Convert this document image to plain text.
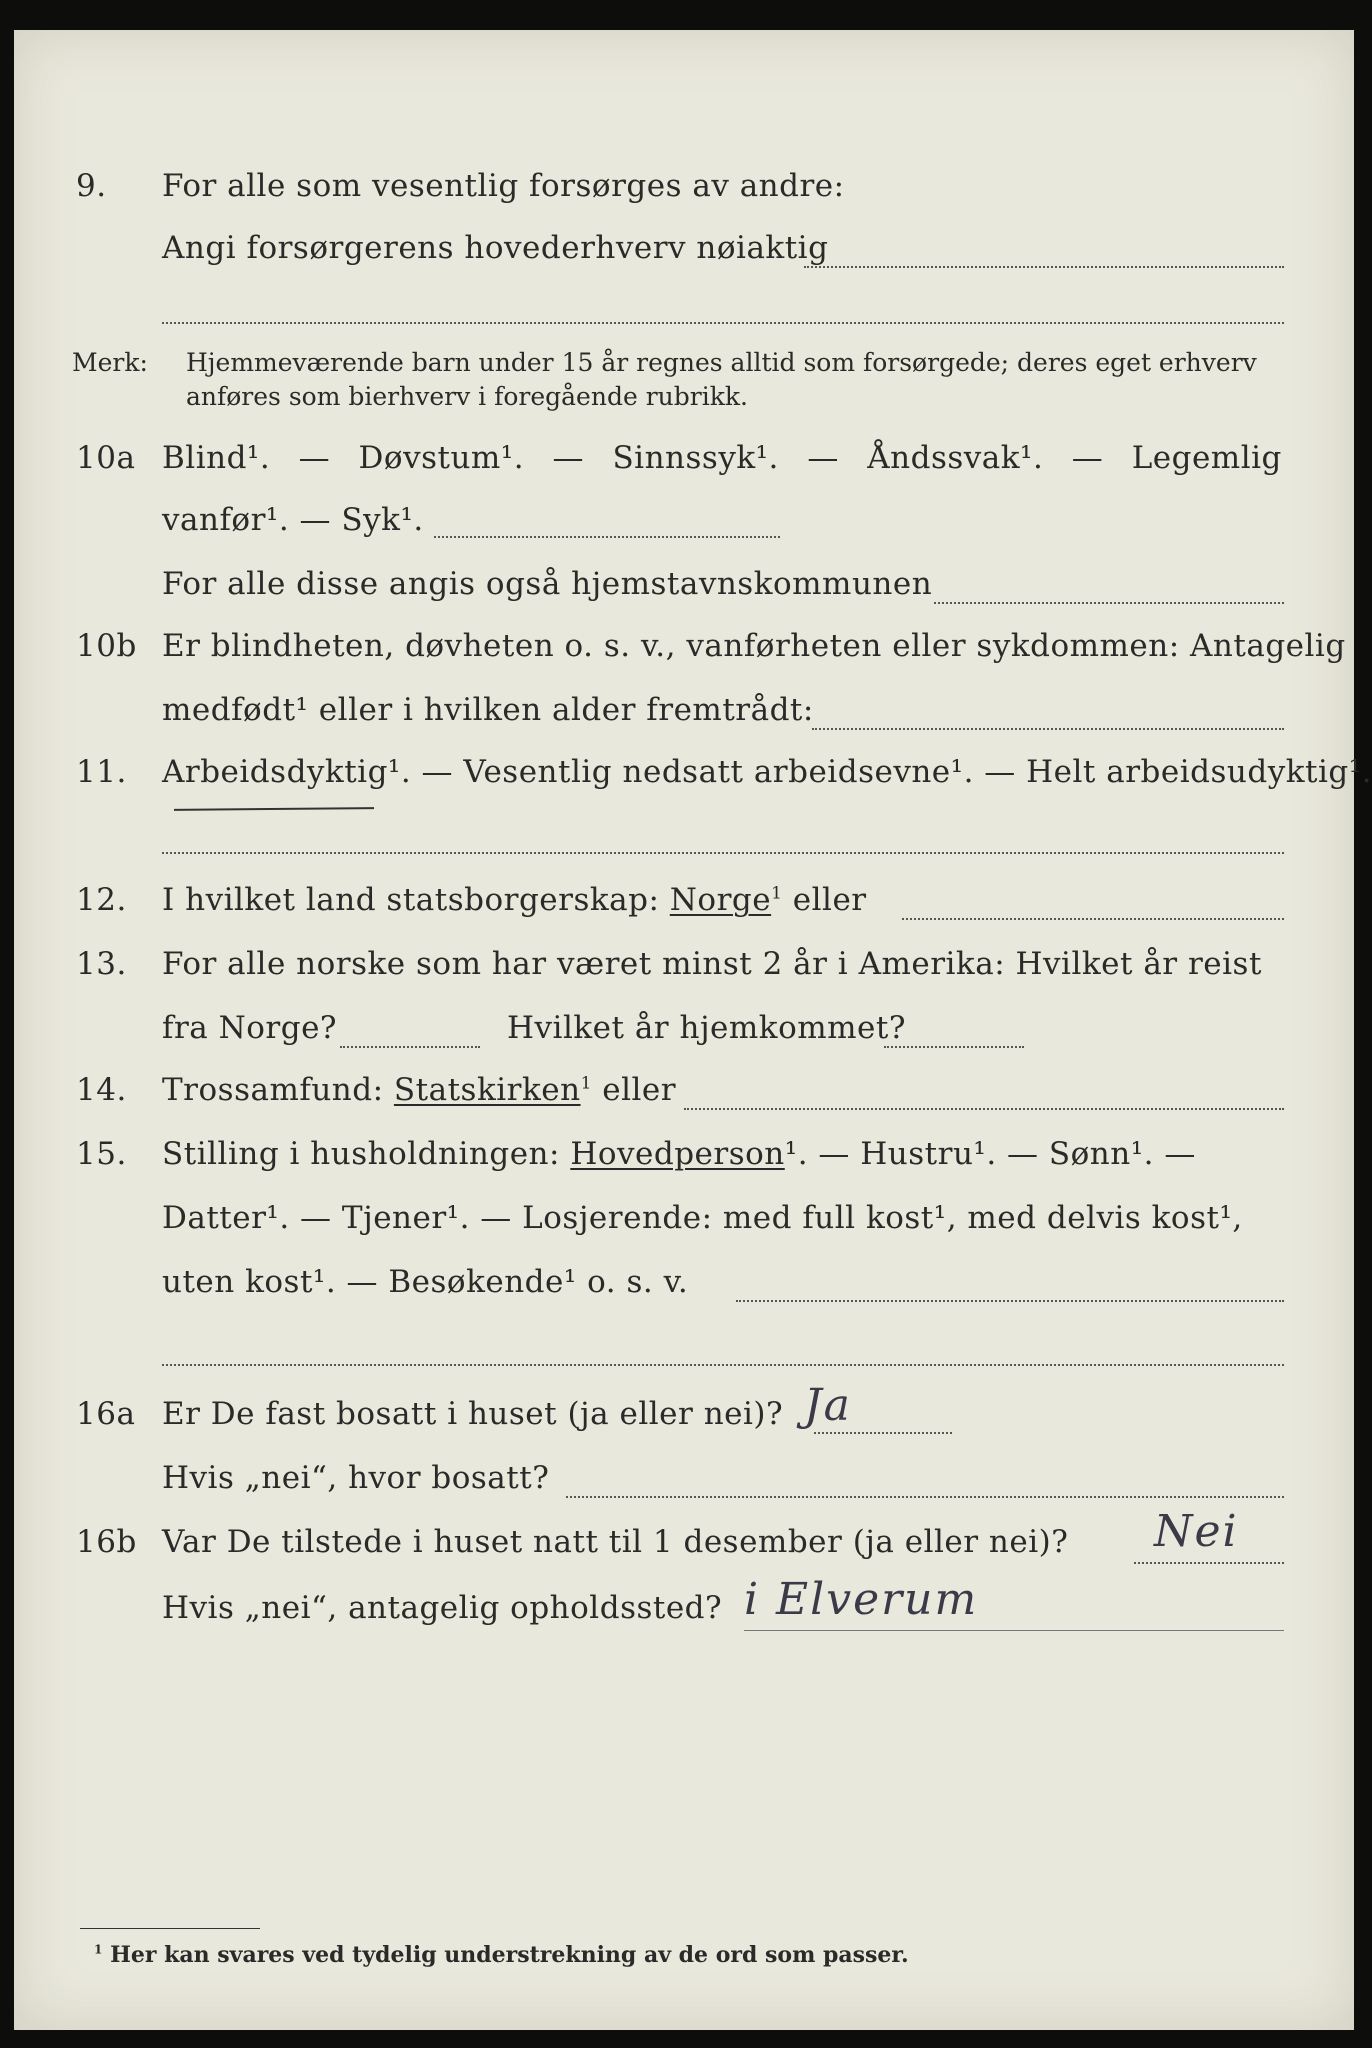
9. For alle som vesentlig forsørges av andre:
Angi forsørgerens hovederhverv nøiaktig
Merk: Hjemmeværende barn under 15 år regnes alltid som forsørgede; deres eget erhverv
anføres som bierhverv i foregående rubrikk.
10a Blind¹. — Døvstum¹. — Sinnssyk¹. — Åndssvak¹. — Legemlig
vanfør¹. — Syk¹.
For alle disse angis også hjemstavnskommunen
10b Er blindheten, døvheten o. s. v., vanførheten eller sykdommen: Antagelig
medfødt¹ eller i hvilken alder fremtrådt:
11. Arbeidsdyktig¹. — Vesentlig nedsatt arbeidsevne¹. — Helt arbeidsudyktig¹.
12. I hvilket land statsborgerskap: Norge$^1$ eller
13. For alle norske som har været minst 2 år i Amerika: Hvilket år reist
fra Norge?	Hvilket år hjemkommet?
14. Trossamfund: Statskirken$^1$ eller
15. Stilling i husholdningen: Hovedperson¹. — Hustru¹. — Sønn¹. —
Datter¹. — Tjener¹. — Losjerende: med full kost¹, med delvis kost¹,
uten kost¹. — Besøkende¹ o. s. v.
16a Er De fast bosatt i huset (ja eller nei)? Ja
Hvis „nei“, hvor bosatt?
16b Var De tilstede i huset natt til 1 desember (ja eller nei)? Nei
Hvis „nei“, antagelig opholdssted? i Elverum
$^1$ Her kan svares ved tydelig understrekning av de ord som passer.
